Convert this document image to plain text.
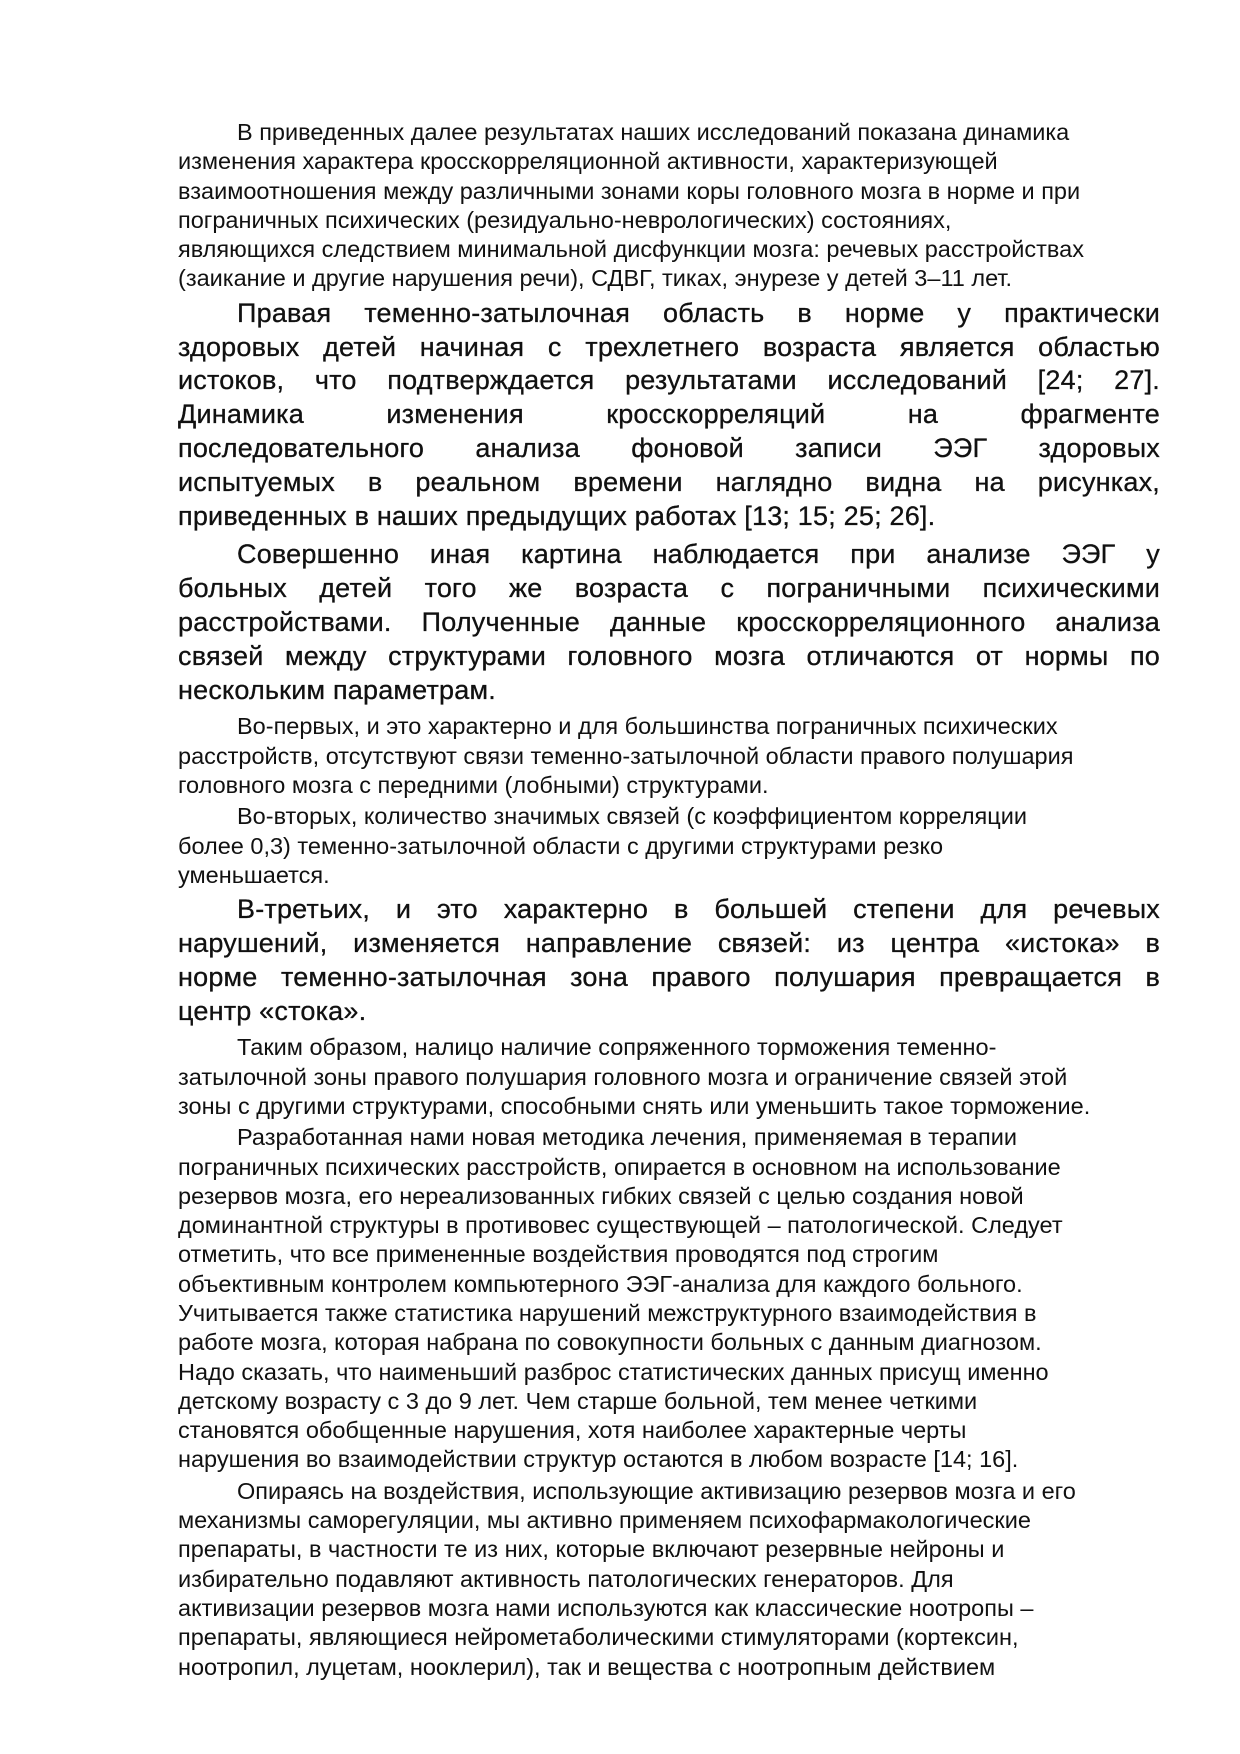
В приведенных далее результатах наших исследований показана динамика
изменения характера кросскорреляционной активности, характеризующей
взаимоотношения между различными зонами коры головного мозга в норме и при
пограничных психических (резидуально-неврологических) состояниях,
являющихся следствием минимальной дисфункции мозга: речевых расстройствах
(заикание и другие нарушения речи), СДВГ, тиках, энурезе у детей 3–11 лет.
Правая теменно-затылочная область в норме у практически
здоровых детей начиная с трехлетнего возраста является областью
истоков, что подтверждается результатами исследований [24; 27].
Динамика изменения кросскорреляций на фрагменте
последовательного анализа фоновой записи ЭЭГ здоровых
испытуемых в реальном времени наглядно видна на рисунках,
приведенных в наших предыдущих работах [13; 15; 25; 26].
Совершенно иная картина наблюдается при анализе ЭЭГ у
больных детей того же возраста с пограничными психическими
расстройствами. Полученные данные кросскорреляционного анализа
связей между структурами головного мозга отличаются от нормы по
нескольким параметрам.
Во-первых, и это характерно и для большинства пограничных психических
расстройств, отсутствуют связи теменно-затылочной области правого полушария
головного мозга с передними (лобными) структурами.
Во-вторых, количество значимых связей (с коэффициентом корреляции
более 0,3) теменно-затылочной области с другими структурами резко
уменьшается.
В-третьих, и это характерно в большей степени для речевых
нарушений, изменяется направление связей: из центра «истока» в
норме теменно-затылочная зона правого полушария превращается в
центр «стока».
Таким образом, налицо наличие сопряженного торможения теменно-
затылочной зоны правого полушария головного мозга и ограничение связей этой
зоны с другими структурами, способными снять или уменьшить такое торможение.
Разработанная нами новая методика лечения, применяемая в терапии
пограничных психических расстройств, опирается в основном на использование
резервов мозга, его нереализованных гибких связей с целью создания новой
доминантной структуры в противовес существующей – патологической. Следует
отметить, что все примененные воздействия проводятся под строгим
объективным контролем компьютерного ЭЭГ-анализа для каждого больного.
Учитывается также статистика нарушений межструктурного взаимодействия в
работе мозга, которая набрана по совокупности больных с данным диагнозом.
Надо сказать, что наименьший разброс статистических данных присущ именно
детскому возрасту с 3 до 9 лет. Чем старше больной, тем менее четкими
становятся обобщенные нарушения, хотя наиболее характерные черты
нарушения во взаимодействии структур остаются в любом возрасте [14; 16].
Опираясь на воздействия, использующие активизацию резервов мозга и его
механизмы саморегуляции, мы активно применяем психофармакологические
препараты, в частности те из них, которые включают резервные нейроны и
избирательно подавляют активность патологических генераторов. Для
активизации резервов мозга нами используются как классические ноотропы –
препараты, являющиеся нейрометаболическими стимуляторами (кортексин,
ноотропил, луцетам, нооклерил), так и вещества с ноотропным действием
